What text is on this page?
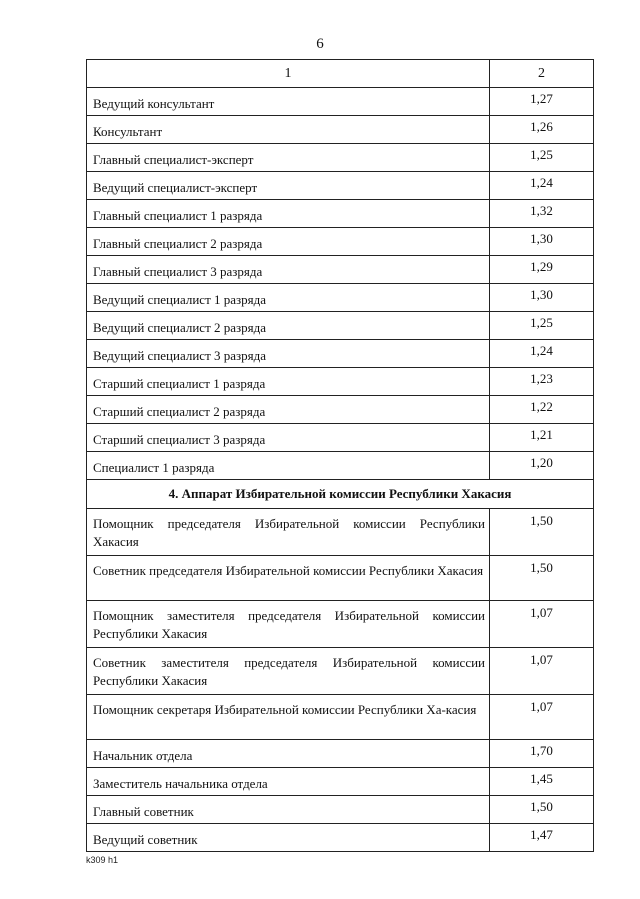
6
1	2
Ведущий консультант	1,27
Консультант	1,26
Главный специалист-эксперт	1,25
Ведущий специалист-эксперт	1,24
Главный специалист 1 разряда	1,32
Главный специалист 2 разряда	1,30
Главный специалист 3 разряда	1,29
Ведущий специалист 1 разряда	1,30
Ведущий специалист 2 разряда	1,25
Ведущий специалист 3 разряда	1,24
Старший специалист 1 разряда	1,23
Старший специалист 2 разряда	1,22
Старший специалист 3 разряда	1,21
Специалист 1 разряда	1,20
4. Аппарат Избирательной комиссии Республики Хакасия	
Помощник председателя Избирательной комиссии Республики Хакасия	1,50
Советник председателя Избирательной комиссии Республики Хакасия	1,50
Помощник заместителя председателя Избирательной комиссии Республики Хакасия	1,07
Советник заместителя председателя Избирательной комиссии Республики Хакасия	1,07
Помощник секретаря Избирательной комиссии Республики Ха-касия	1,07
Начальник отдела	1,70
Заместитель начальника отдела	1,45
Главный советник	1,50
Ведущий советник	1,47
k309 h1
